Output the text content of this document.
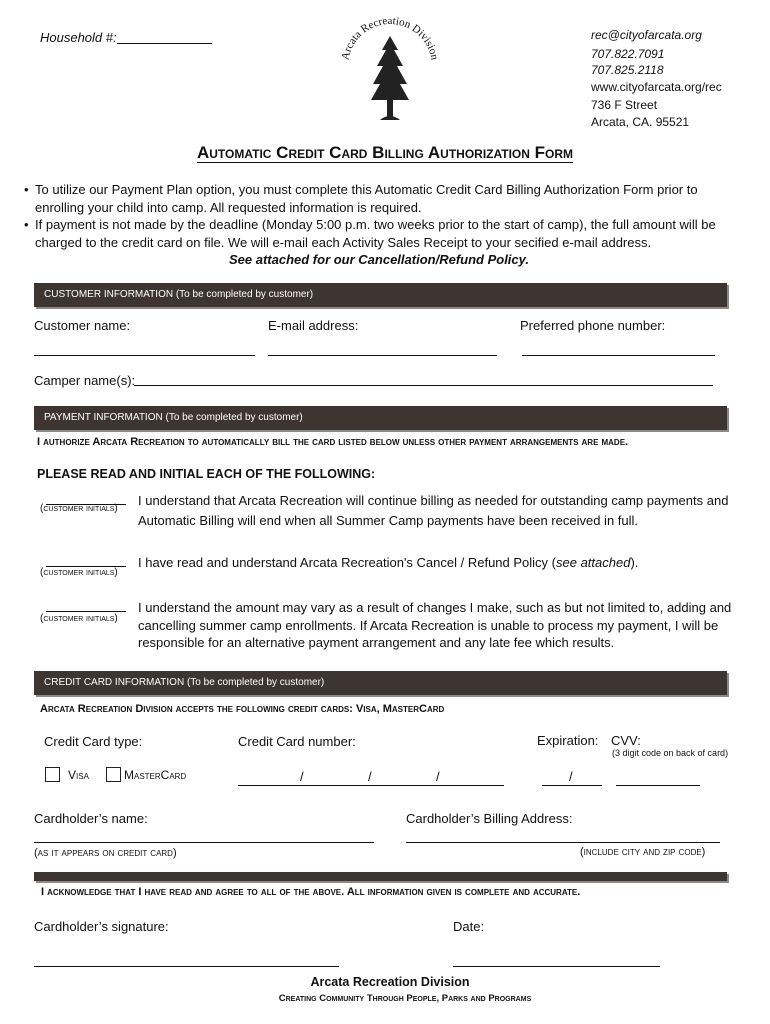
Household #:
Arcata Recreation Division
rec@cityofarcata.org
707.822.7091
707.825.2118
www.cityofarcata.org/rec
736 F Street
Arcata, CA. 95521
Automatic Credit Card Billing Authorization Form
• To utilize our Payment Plan option, you must complete this Automatic Credit Card Billing Authorization Form prior to enrolling your child into camp. All requested information is required.
• If payment is not made by the deadline (Monday 5:00 p.m. two weeks prior to the start of camp), the full amount will be charged to the credit card on file. We will e-mail each Activity Sales Receipt to your secified e-mail address.
See attached for our Cancellation/Refund Policy.
CUSTOMER INFORMATION (To be completed by customer)
Customer name:	E-mail address:	Preferred phone number:
Camper name(s):
PAYMENT INFORMATION (To be completed by customer)
I authorize Arcata Recreation to automatically bill the card listed below unless other payment arrangements are made.
PLEASE READ AND INITIAL EACH OF THE FOLLOWING:
(customer initials)
I understand that Arcata Recreation will continue billing as needed for outstanding camp payments and Automatic Billing will end when all Summer Camp payments have been received in full.
(customer initials)
I have read and understand Arcata Recreation's Cancel / Refund Policy (see attached).
(customer initials)
I understand the amount may vary as a result of changes I make, such as but not limited to, adding and cancelling summer camp enrollments. If Arcata Recreation is unable to process my payment, I will be responsible for an alternative payment arrangement and any late fee which results.
CREDIT CARD INFORMATION (To be completed by customer)
Arcata Recreation Division accepts the following credit cards: Visa, MasterCard
Credit Card type:	Credit Card number:	Expiration: CVV:
(3 digit code on back of card)
Visa	MasterCard	/	/	/	/
Cardholder’s name:	Cardholder’s Billing Address:
(as it appears on credit card)	(include city and zip code)
I acknowledge that I have read and agree to all of the above. All information given is complete and accurate.
Cardholder’s signature:	Date:
Arcata Recreation Division
Creating Community Through People, Parks and Programs
